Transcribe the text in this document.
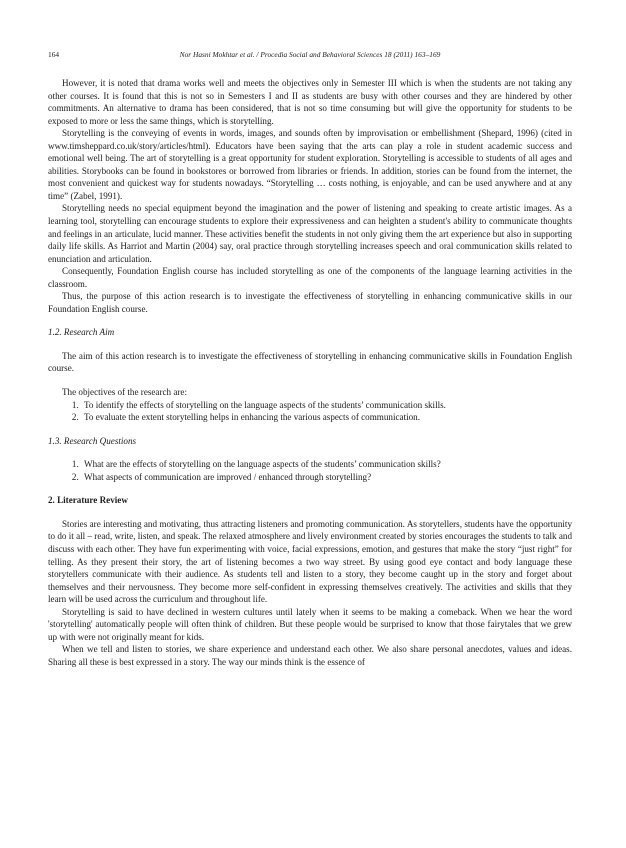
164	Nor Hasni Mokhtar et al. / Procedia Social and Behavioral Sciences 18 (2011) 163–169

However, it is noted that drama works well and meets the objectives only in Semester III which is when the students are not taking any other courses. It is found that this is not so in Semesters I and II as students are busy with other courses and they are hindered by other commitments. An alternative to drama has been considered, that is not so time consuming but will give the opportunity for students to be exposed to more or less the same things, which is storytelling.

Storytelling is the conveying of events in words, images, and sounds often by improvisation or embellishment (Shepard, 1996) (cited in www.timsheppard.co.uk/story/articles/html). Educators have been saying that the arts can play a role in student academic success and emotional well being. The art of storytelling is a great opportunity for student exploration. Storytelling is accessible to students of all ages and abilities. Storybooks can be found in bookstores or borrowed from libraries or friends. In addition, stories can be found from the internet, the most convenient and quickest way for students nowadays. “Storytelling … costs nothing, is enjoyable, and can be used anywhere and at any time” (Zabel, 1991).

Storytelling needs no special equipment beyond the imagination and the power of listening and speaking to create artistic images. As a learning tool, storytelling can encourage students to explore their expressiveness and can heighten a student's ability to communicate thoughts and feelings in an articulate, lucid manner. These activities benefit the students in not only giving them the art experience but also in supporting daily life skills. As Harriot and Martin (2004) say, oral practice through storytelling increases speech and oral communication skills related to enunciation and articulation.

Consequently, Foundation English course has included storytelling as one of the components of the language learning activities in the classroom.

Thus, the purpose of this action research is to investigate the effectiveness of storytelling in enhancing communicative skills in our Foundation English course.

1.2. Research Aim

The aim of this action research is to investigate the effectiveness of storytelling in enhancing communicative skills in Foundation English course.

The objectives of the research are:
1. To identify the effects of storytelling on the language aspects of the students’ communication skills.
2. To evaluate the extent storytelling helps in enhancing the various aspects of communication.
1.3. Research Questions
1. What are the effects of storytelling on the language aspects of the students’ communication skills?
2. What aspects of communication are improved / enhanced through storytelling?
2. Literature Review

Stories are interesting and motivating, thus attracting listeners and promoting communication. As storytellers, students have the opportunity to do it all – read, write, listen, and speak. The relaxed atmosphere and lively environment created by stories encourages the students to talk and discuss with each other. They have fun experimenting with voice, facial expressions, emotion, and gestures that make the story “just right” for telling. As they present their story, the art of listening becomes a two way street. By using good eye contact and body language these storytellers communicate with their audience. As students tell and listen to a story, they become caught up in the story and forget about themselves and their nervousness. They become more self-confident in expressing themselves creatively. The activities and skills that they learn will be used across the curriculum and throughout life.

Storytelling is said to have declined in western cultures until lately when it seems to be making a comeback. When we hear the word 'storytelling' automatically people will often think of children. But these people would be surprised to know that those fairytales that we grew up with were not originally meant for kids.

When we tell and listen to stories, we share experience and understand each other. We also share personal anecdotes, values and ideas. Sharing all these is best expressed in a story. The way our minds think is the essence of
